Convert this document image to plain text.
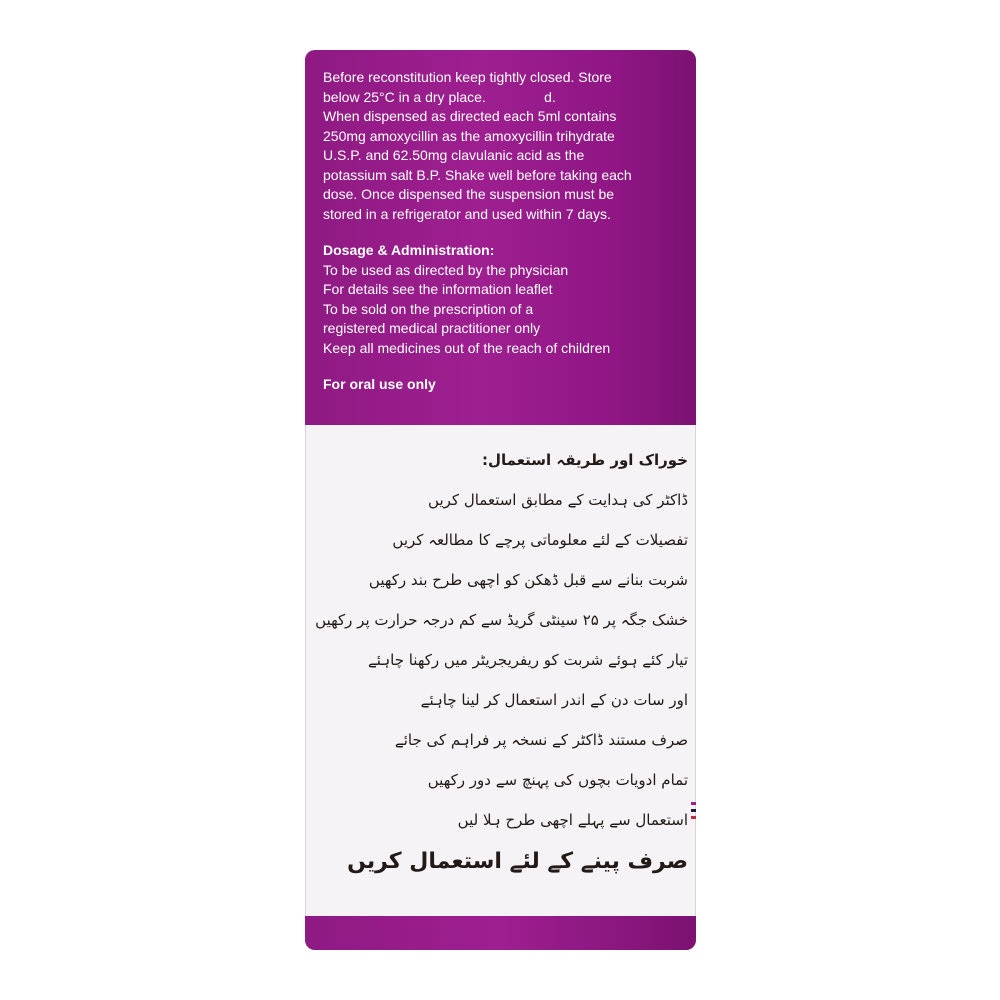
Before reconstitution keep tightly closed. Store

below 25°C in a dry place.               d.

When dispensed as directed each 5ml contains

250mg amoxycillin as the amoxycillin trihydrate

U.S.P. and 62.50mg clavulanic acid as the

potassium salt B.P. Shake well before taking each

dose. Once dispensed the suspension must be

stored in a refrigerator and used within 7 days.

Dosage & Administration:

To be used as directed by the physician

For details see the information leaflet

To be sold on the prescription of a

registered medical practitioner only

Keep all medicines out of the reach of children

For oral use only

خوراک اور طریقہ استعمال:

ڈاکٹر کی ہدایت کے مطابق استعمال کریں

تفصیلات کے لئے معلوماتی پرچے کا مطالعہ کریں

شربت بنانے سے قبل ڈھکن کو اچھی طرح بند رکھیں

خشک جگہ پر ۲۵ سینٹی گریڈ سے کم درجہ حرارت پر رکھیں

تیار کئے ہوئے شربت کو ریفریجریٹر میں رکھنا چاہئے

اور سات دن کے اندر استعمال کر لینا چاہئے

صرف مستند ڈاکٹر کے نسخہ پر فراہم کی جائے

تمام ادویات بچوں کی پہنچ سے دور رکھیں

استعمال سے پہلے اچھی طرح ہلا لیں

صرف پینے کے لئے استعمال کریں
